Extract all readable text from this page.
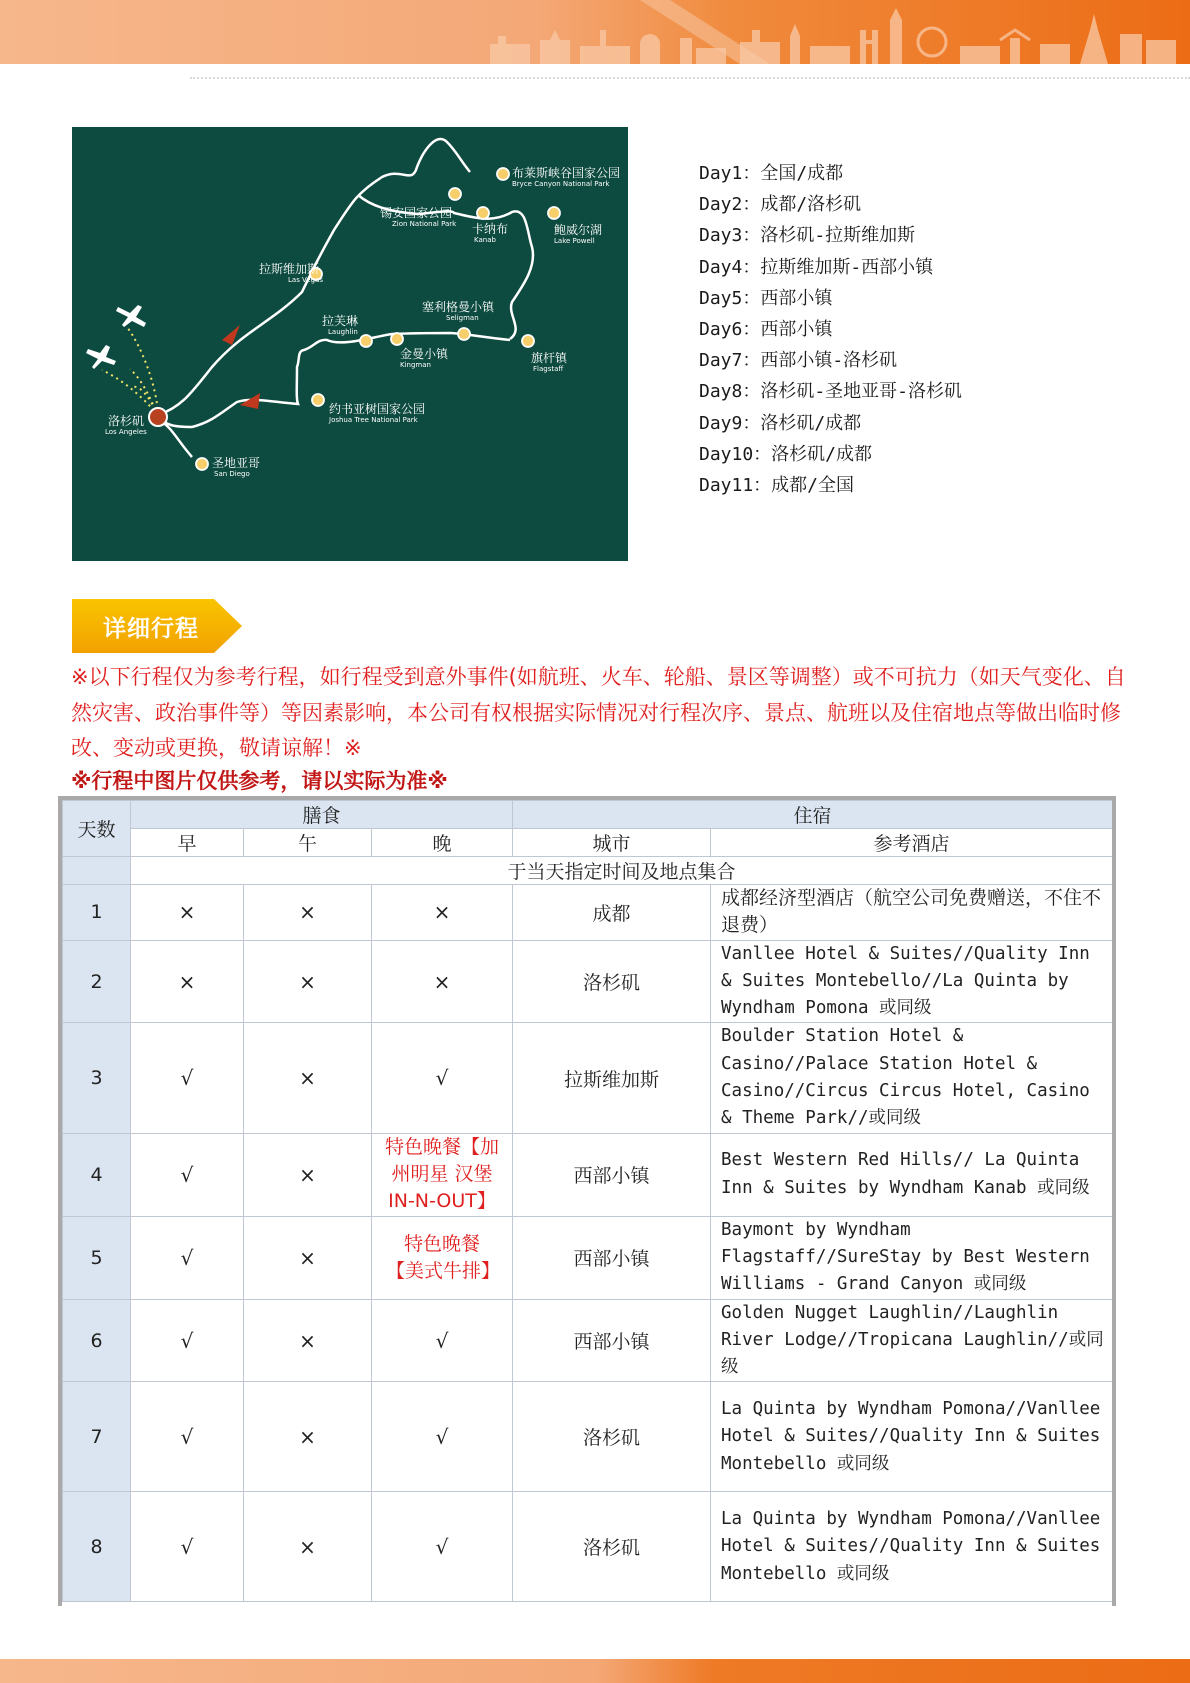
洛杉矶
Los Angeles
圣地亚哥
San Diego
拉斯维加斯
Las Vegas
锡安国家公园
Zion National Park
布莱斯峡谷国家公园
Bryce Canyon National Park
卡纳布
Kanab
鲍威尔湖
Lake Powell
拉芙琳
Laughlin
塞利格曼小镇
Seligman
金曼小镇
Kingman	旗杆镇
Flagstaff
约书亚树国家公园
Joshua Tree National Park
Day1：全国/成都
Day2：成都/洛杉矶
Day3：洛杉矶-拉斯维加斯
Day4：拉斯维加斯-西部小镇
Day5：西部小镇
Day6：西部小镇
Day7：西部小镇-洛杉矶
Day8：洛杉矶-圣地亚哥-洛杉矶
Day9：洛杉矶/成都
Day10：洛杉矶/成都
Day11：成都/全国
详细行程

※以下行程仅为参考行程，如行程受到意外事件(如航班、火车、轮船、景区等调整）或不可抗力（如天气变化、自然灾害、政治事件等）等因素影响，本公司有权根据实际情况对行程次序、景点、航班以及住宿地点等做出临时修改、变动或更换，敬请谅解！※

※行程中图片仅供参考，请以实际为准※

天数	膳食			住宿	
	早	午	晚	城市	参考酒店
	于当天指定时间及地点集合				
1	×	×	×	成都	成都经济型酒店（航空公司免费赠送，不住不退费）
2	×	×	×	洛杉矶	Vanllee Hotel & Suites//Quality Inn & Suites Montebello//La Quinta by Wyndham Pomona 或同级
3	√	×	√	拉斯维加斯	Boulder Station Hotel & Casino//Palace Station Hotel & Casino//Circus Circus Hotel, Casino & Theme Park//或同级
4	√	×	特色晚餐【加州明星 汉堡IN-N-OUT】	西部小镇	Best Western Red Hills// La Quinta Inn & Suites by Wyndham Kanab 或同级
5	√	×	特色晚餐【美式牛排】	西部小镇	Baymont by Wyndham Flagstaff//SureStay by Best Western Williams - Grand Canyon 或同级
6	√	×	√	西部小镇	Golden Nugget Laughlin//Laughlin River Lodge//Tropicana Laughlin//或同级
7	√	×	√	洛杉矶	La Quinta by Wyndham Pomona//Vanllee Hotel & Suites//Quality Inn & Suites Montebello 或同级
8	√	×	√	洛杉矶	La Quinta by Wyndham Pomona//Vanllee Hotel & Suites//Quality Inn & Suites Montebello 或同级
